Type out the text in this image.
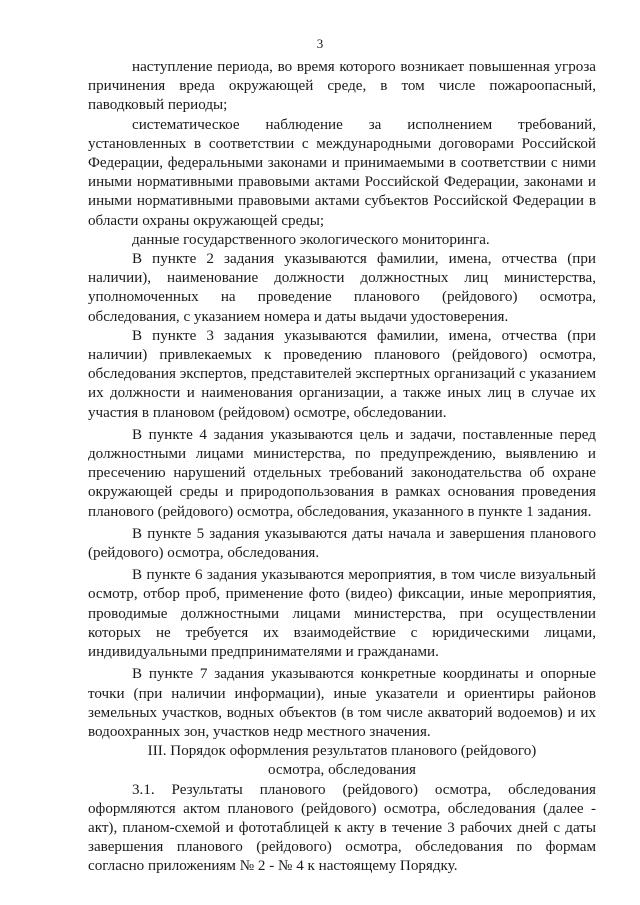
3

наступление периода, во время которого возникает повышенная угроза причинения вреда окружающей среде, в том числе пожароопасный, паводковый периоды;

систематическое наблюдение за исполнением требований, установленных в соответствии с международными договорами Российской Федерации, федеральными законами и принимаемыми в соответствии с ними иными нормативными правовыми актами Российской Федерации, законами и иными нормативными правовыми актами субъектов Российской Федерации в области охраны окружающей среды;

данные государственного экологического мониторинга.

В пункте 2 задания указываются фамилии, имена, отчества (при наличии), наименование должности должностных лиц министерства, уполномоченных на проведение планового (рейдового) осмотра, обследования, с указанием номера и даты выдачи удостоверения.

В пункте 3 задания указываются фамилии, имена, отчества (при наличии) привлекаемых к проведению планового (рейдового) осмотра, обследования экспертов, представителей экспертных организаций с указанием их должности и наименования организации, а также иных лиц в случае их участия в плановом (рейдовом) осмотре, обследовании.

В пункте 4 задания указываются цель и задачи, поставленные перед должностными лицами министерства, по предупреждению, выявлению и пресечению нарушений отдельных требований законодательства об охране окружающей среды и природопользования в рамках основания проведения планового (рейдового) осмотра, обследования, указанного в пункте 1 задания.

В пункте 5 задания указываются даты начала и завершения планового (рейдового) осмотра, обследования.

В пункте 6 задания указываются мероприятия, в том числе визуальный осмотр, отбор проб, применение фото (видео) фиксации, иные мероприятия, проводимые должностными лицами министерства, при осуществлении которых не требуется их взаимодействие с юридическими лицами, индивидуальными предпринимателями и гражданами.

В пункте 7 задания указываются конкретные координаты и опорные точки (при наличии информации), иные указатели и ориентиры районов земельных участков, водных объектов (в том числе акваторий водоемов) и их водоохранных зон, участков недр местного значения.

III. Порядок оформления результатов планового (рейдового)
осмотра, обследования

3.1. Результаты планового (рейдового) осмотра, обследования оформляются актом планового (рейдового) осмотра, обследования (далее - акт), планом-схемой и фототаблицей к акту в течение 3 рабочих дней с даты завершения планового (рейдового) осмотра, обследования по формам согласно приложениям № 2 - № 4 к настоящему Порядку.
